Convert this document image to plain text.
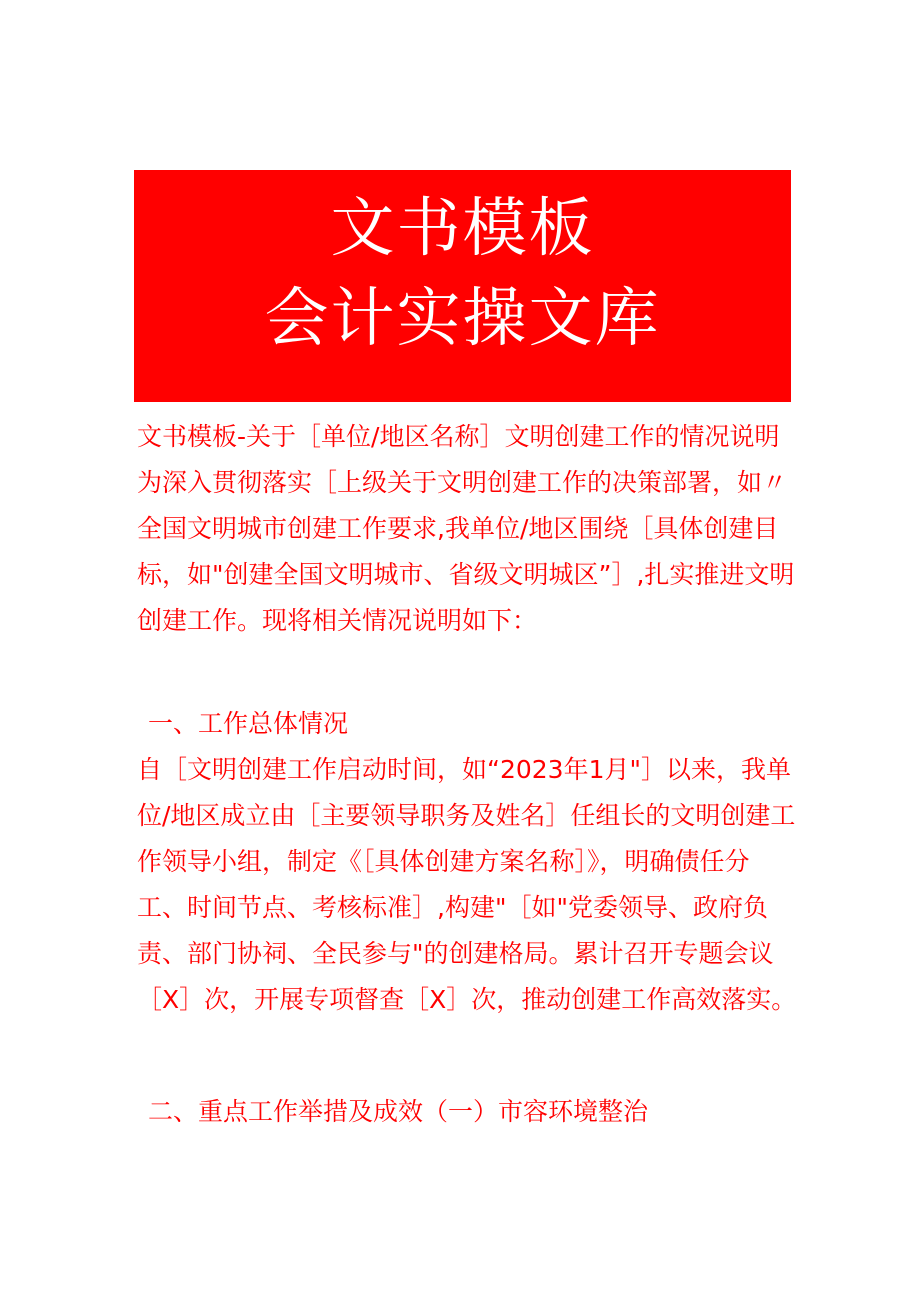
文书模板
会计实操文库

文书模板-关于［单位/地区名称］文明创建工作的情况说明为深入贯彻落实［上级关于文明创建工作的决策部署，如〃全国文明城市创建工作要求,我单位/地区围绕［具体创建目标，如"创建全国文明城市、省级文明城区”］,扎实推进文明创建工作。现将相关情况说明如下：

一、工作总体情况

自［文明创建工作启动时间，如“2023年1月"］以来，我单位/地区成立由［主要领导职务及姓名］任组长的文明创建工作领导小组，制定《［具体创建方案名称］》，明确债任分工、时间节点、考核标准］,构建"［如"党委领导、政府负责、部门协祠、全民参与"的创建格局。累计召开专题会议［X］次，开展专项督查［X］次，推动创建工作高效落实。

二、重点工作举措及成效（一）市容环境整治
